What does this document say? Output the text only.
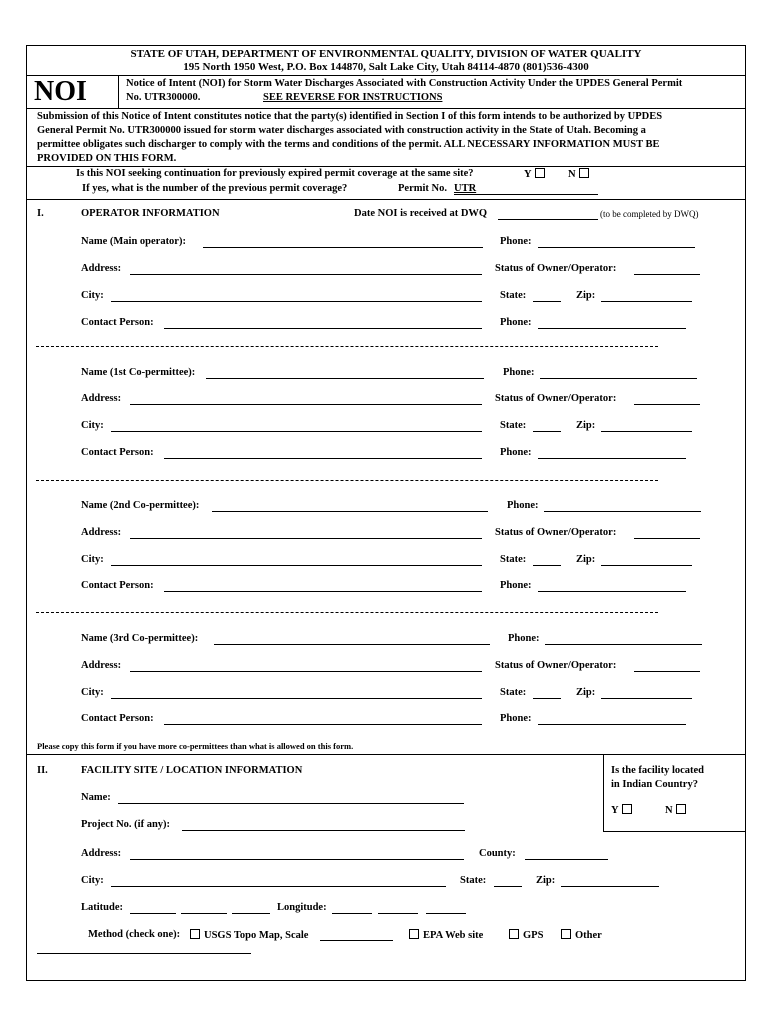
STATE OF UTAH, DEPARTMENT OF ENVIRONMENTAL QUALITY, DIVISION OF WATER QUALITY
195 North 1950 West, P.O. Box 144870, Salt Lake City, Utah 84114-4870 (801)536-4300
NOI	Notice of Intent (NOI) for Storm Water Discharges Associated with Construction Activity Under the UPDES General Permit
No. UTR300000.	SEE REVERSE FOR INSTRUCTIONS
Submission of this Notice of Intent constitutes notice that the party(s) identified in Section I of this form intends to be authorized by UPDES
General Permit No. UTR300000 issued for storm water discharges associated with construction activity in the State of Utah. Becoming a
permittee obligates such discharger to comply with the terms and conditions of the permit. ALL NECESSARY INFORMATION MUST BE
PROVIDED ON THIS FORM.
Is this NOI seeking continuation for previously expired permit coverage at the same site?	Y	N
If yes, what is the number of the previous permit coverage?	Permit No. UTR
I.	OPERATOR INFORMATION	Date NOI is received at DWQ	(to be completed by DWQ)
Name (Main operator):	Phone:
Address:	Status of Owner/Operator:
City:	State:	Zip:
Contact Person:	Phone:
Name (1st Co-permittee):	Phone:
Address:	Status of Owner/Operator:
City:	State:	Zip:
Contact Person:	Phone:
Name (2nd Co-permittee):	Phone:
Address:	Status of Owner/Operator:
City:	State:	Zip:
Contact Person:	Phone:
Name (3rd Co-permittee):	Phone:
Address:	Status of Owner/Operator:
City:	State:	Zip:
Contact Person:	Phone:
Please copy this form if you have more co-permittees than what is allowed on this form.
II.	FACILITY SITE / LOCATION INFORMATION	Is the facility located
in Indian Country?
Y	N
Name:
Project No. (if any):
Address:	County:
City:	State:	Zip:
Latitude:	Longitude:
Method (check one):	USGS Topo Map, Scale	EPA Web site	GPS	Other
